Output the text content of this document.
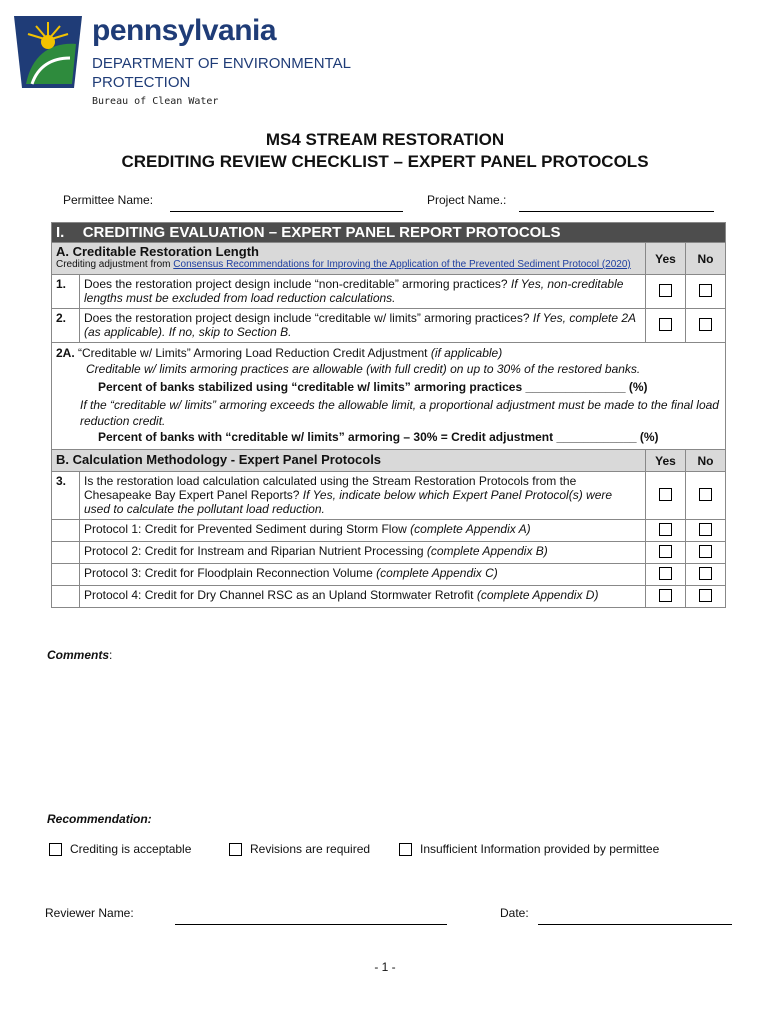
pennsylvania
DEPARTMENT OF ENVIRONMENTAL
PROTECTION
Bureau of Clean Water
MS4 STREAM RESTORATION
CREDITING REVIEW CHECKLIST – EXPERT PANEL PROTOCOLS
Permittee Name:	Project Name.:
I. CREDITING EVALUATION – EXPERT PANEL REPORT PROTOCOLS			

A. Creditable Restoration Length
Crediting adjustment from Consensus Recommendations for Improving the Application of the Prevented Sediment Protocol (2020)		Yes	No
1.	Does the restoration project design include “non-creditable” armoring practices? If Yes, non-creditable lengths must be excluded from load reduction calculations.		
2.	Does the restoration project design include “creditable w/ limits” armoring practices? If Yes, complete 2A (as applicable). If no, skip to Section B.		

2A. “Creditable w/ Limits” Armoring Load Reduction Credit Adjustment (if applicable)
Creditable w/ limits armoring practices are allowable (with full credit) on up to 30% of the restored banks.
Percent of banks stabilized using “creditable w/ limits” armoring practices _______________ (%)
If the “creditable w/ limits” armoring exceeds the allowable limit, a proportional adjustment must be made to the final load reduction credit.
Percent of banks with “creditable w/ limits” armoring – 30% = Credit adjustment ____________ (%)			

B. Calculation Methodology - Expert Panel Protocols		Yes	No
3.	Is the restoration load calculation calculated using the Stream Restoration Protocols from the Chesapeake Bay Expert Panel Reports? If Yes, indicate below which Expert Panel Protocol(s) were used to calculate the pollutant load reduction.		
	Protocol 1: Credit for Prevented Sediment during Storm Flow (complete Appendix A)		
	Protocol 2: Credit for Instream and Riparian Nutrient Processing (complete Appendix B)		
	Protocol 3: Credit for Floodplain Reconnection Volume (complete Appendix C)		
	Protocol 4: Credit for Dry Channel RSC as an Upland Stormwater Retrofit (complete Appendix D)		
Comments:
Recommendation:
Crediting is acceptable	Revisions are required	Insufficient Information provided by permittee
Reviewer Name:	Date:
- 1 -
